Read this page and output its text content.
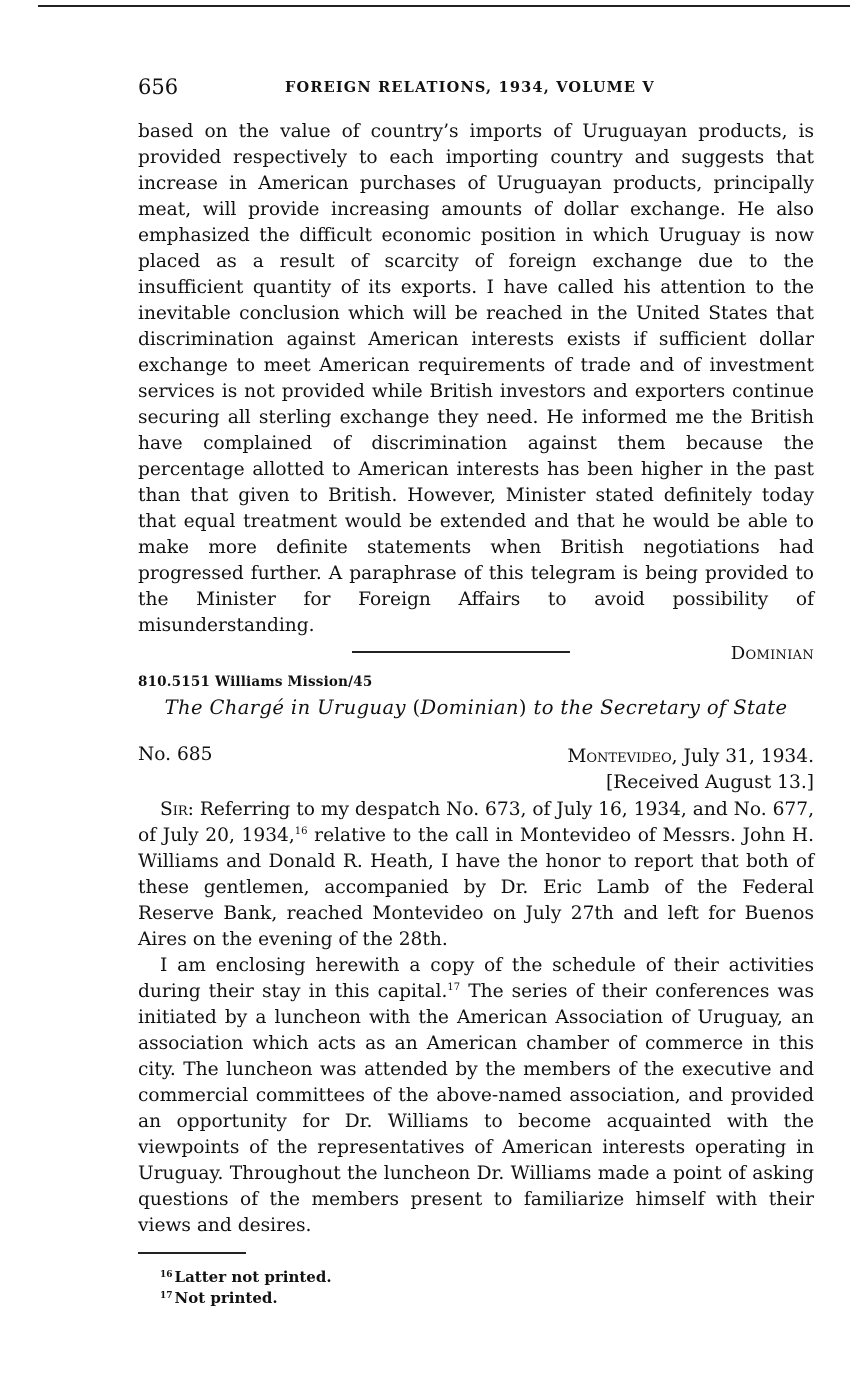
656	FOREIGN RELATIONS, 1934, VOLUME V

based on the value of country’s imports of Uruguayan products, is provided respectively to each importing country and suggests that increase in American purchases of Uruguayan products, principally meat, will provide increasing amounts of dollar exchange. He also emphasized the difficult economic position in which Uruguay is now placed as a result of scarcity of foreign exchange due to the insufficient quantity of its exports. I have called his attention to the inevitable conclusion which will be reached in the United States that discrimination against American interests exists if sufficient dollar exchange to meet American requirements of trade and of investment services is not provided while British investors and exporters continue securing all sterling exchange they need. He informed me the British have complained of discrimination against them because the percentage allotted to American interests has been higher in the past than that given to British. However, Minister stated definitely today that equal treatment would be extended and that he would be able to make more definite statements when British negotiations had progressed further. A paraphrase of this telegram is being provided to the Minister for Foreign Affairs to avoid possibility of misunderstanding.

Dominian

810.5151 Williams Mission/45
The Chargé in Uruguay (Dominian) to the Secretary of State
No. 685	Montevideo, July 31, 1934.
[Received August 13.]

Sir: Referring to my despatch No. 673, of July 16, 1934, and No. 677, of July 20, 1934,16 relative to the call in Montevideo of Messrs. John H. Williams and Donald R. Heath, I have the honor to report that both of these gentlemen, accompanied by Dr. Eric Lamb of the Federal Reserve Bank, reached Montevideo on July 27th and left for Buenos Aires on the evening of the 28th.

I am enclosing herewith a copy of the schedule of their activities during their stay in this capital.$^{17}$ The series of their conferences was initiated by a luncheon with the American Association of Uruguay, an association which acts as an American chamber of commerce in this city. The luncheon was attended by the members of the executive and commercial committees of the above-named association, and provided an opportunity for Dr. Williams to become acquainted with the viewpoints of the representatives of American interests operating in Uruguay. Throughout the luncheon Dr. Williams made a point of asking questions of the members present to familiarize himself with their views and desires.

$^{16}$ Latter not printed.
$^{17}$ Not printed.
